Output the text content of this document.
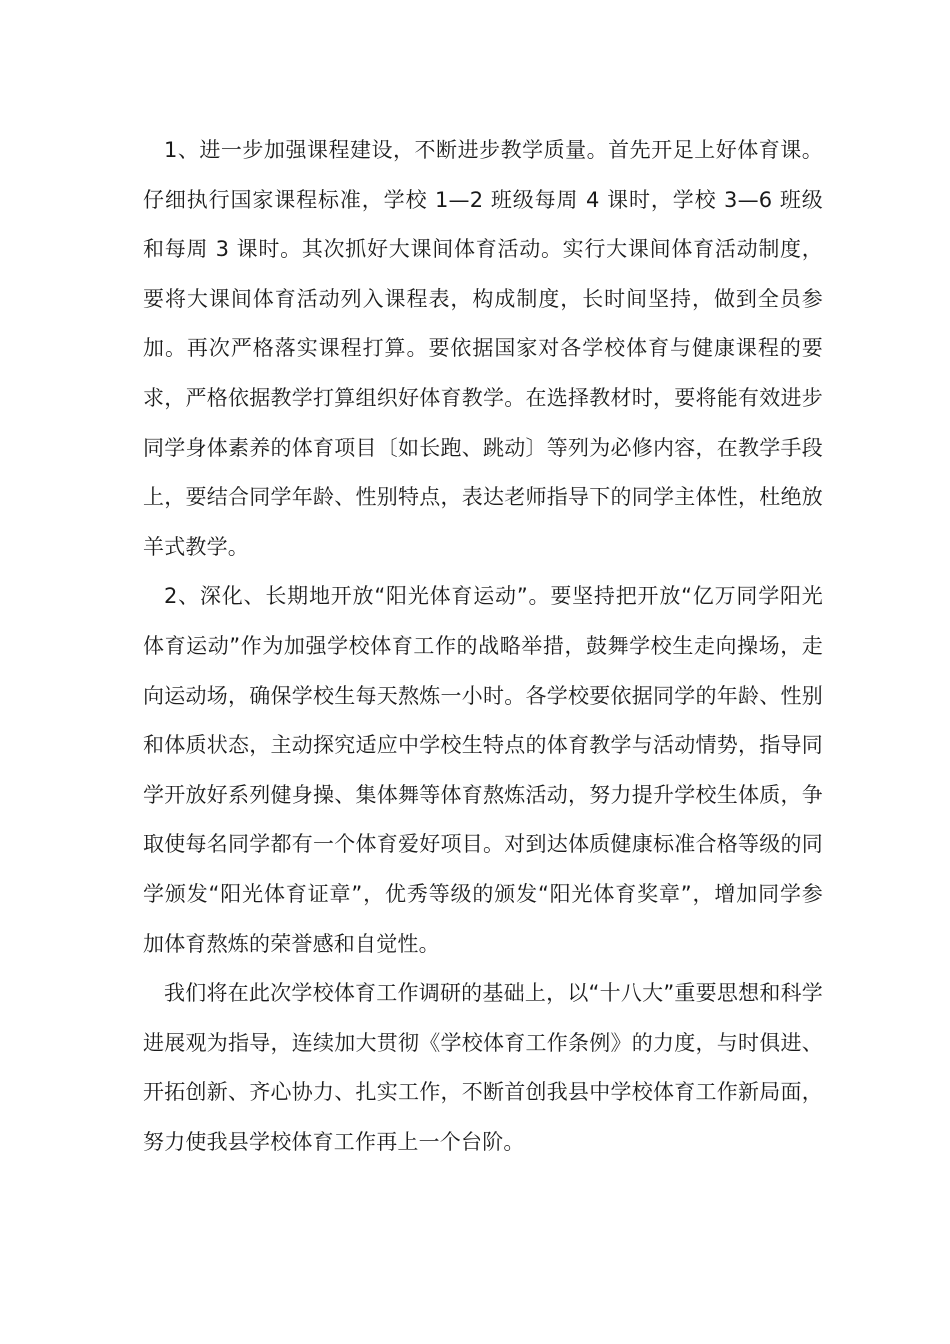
1、进一步加强课程建设，不断进步教学质量。首先开足上好体育课。仔细执行国家课程标准，学校 1—2 班级每周 4 课时，学校 3—6 班级和每周 3 课时。其次抓好大课间体育活动。实行大课间体育活动制度，要将大课间体育活动列入课程表，构成制度，长时间坚持，做到全员参加。再次严格落实课程打算。要依据国家对各学校体育与健康课程的要求，严格依据教学打算组织好体育教学。在选择教材时，要将能有效进步同学身体素养的体育项目〔如长跑、跳动〕等列为必修内容，在教学手段上，要结合同学年龄、性别特点，表达老师指导下的同学主体性，杜绝放羊式教学。

2、深化、长期地开放“阳光体育运动”。要坚持把开放“亿万同学阳光体育运动”作为加强学校体育工作的战略举措，鼓舞学校生走向操场，走向运动场，确保学校生每天熬炼一小时。各学校要依据同学的年龄、性别和体质状态，主动探究适应中学校生特点的体育教学与活动情势，指导同学开放好系列健身操、集体舞等体育熬炼活动，努力提升学校生体质，争取使每名同学都有一个体育爱好项目。对到达体质健康标准合格等级的同学颁发“阳光体育证章”，优秀等级的颁发“阳光体育奖章”，增加同学参加体育熬炼的荣誉感和自觉性。

我们将在此次学校体育工作调研的基础上，以“十八大”重要思想和科学进展观为指导，连续加大贯彻《学校体育工作条例》的力度，与时俱进、开拓创新、齐心协力、扎实工作，不断首创我县中学校体育工作新局面，努力使我县学校体育工作再上一个台阶。
